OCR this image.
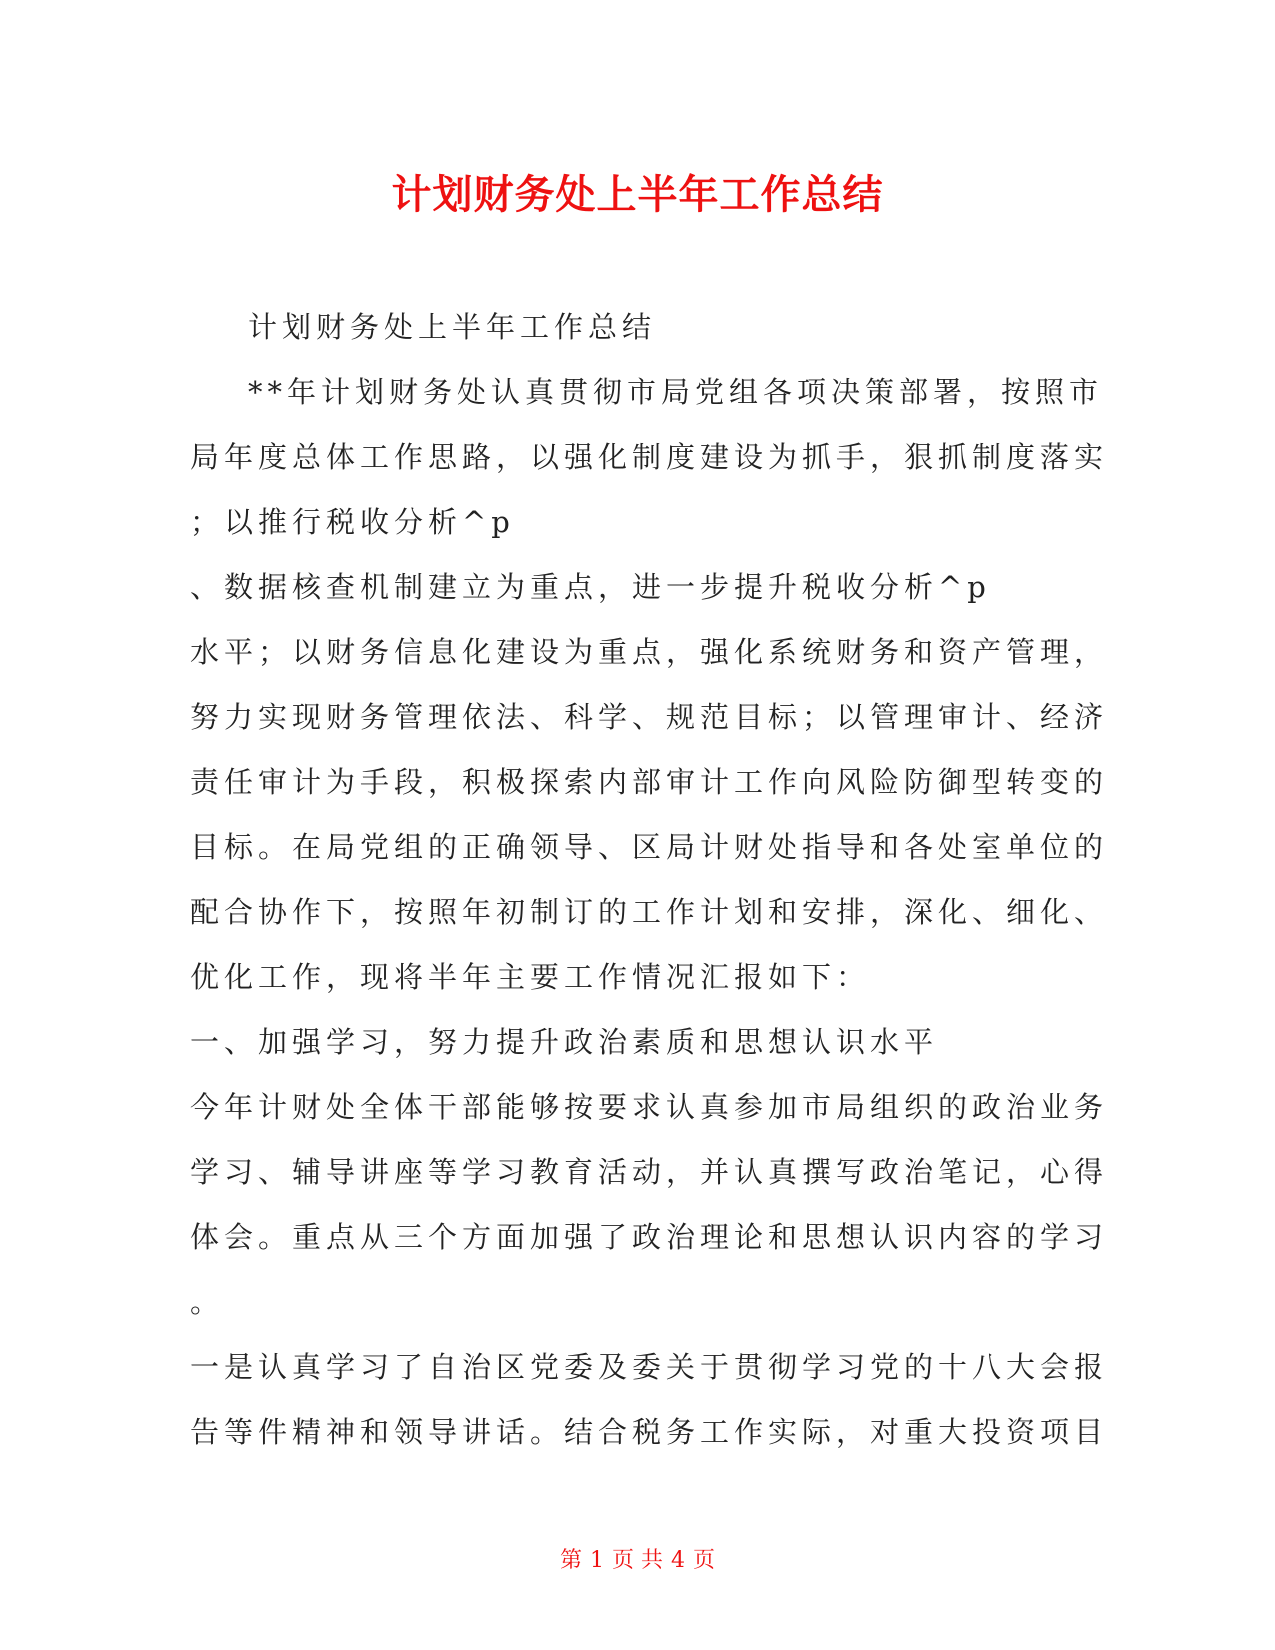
计划财务处上半年工作总结
计划财务处上半年工作总结
**年计划财务处认真贯彻市局党组各项决策部署，按照市
局年度总体工作思路，以强化制度建设为抓手，狠抓制度落实
；以推行税收分析^p
、数据核查机制建立为重点，进一步提升税收分析^p
水平；以财务信息化建设为重点，强化系统财务和资产管理，
努力实现财务管理依法、科学、规范目标；以管理审计、经济
责任审计为手段，积极探索内部审计工作向风险防御型转变的
目标。在局党组的正确领导、区局计财处指导和各处室单位的
配合协作下，按照年初制订的工作计划和安排，深化、细化、
优化工作，现将半年主要工作情况汇报如下：
一、加强学习，努力提升政治素质和思想认识水平
今年计财处全体干部能够按要求认真参加市局组织的政治业务
学习、辅导讲座等学习教育活动，并认真撰写政治笔记，心得
体会。重点从三个方面加强了政治理论和思想认识内容的学习
。
一是认真学习了自治区党委及委关于贯彻学习党的十八大会报
告等件精神和领导讲话。结合税务工作实际，对重大投资项目
第 1 页 共 4 页
